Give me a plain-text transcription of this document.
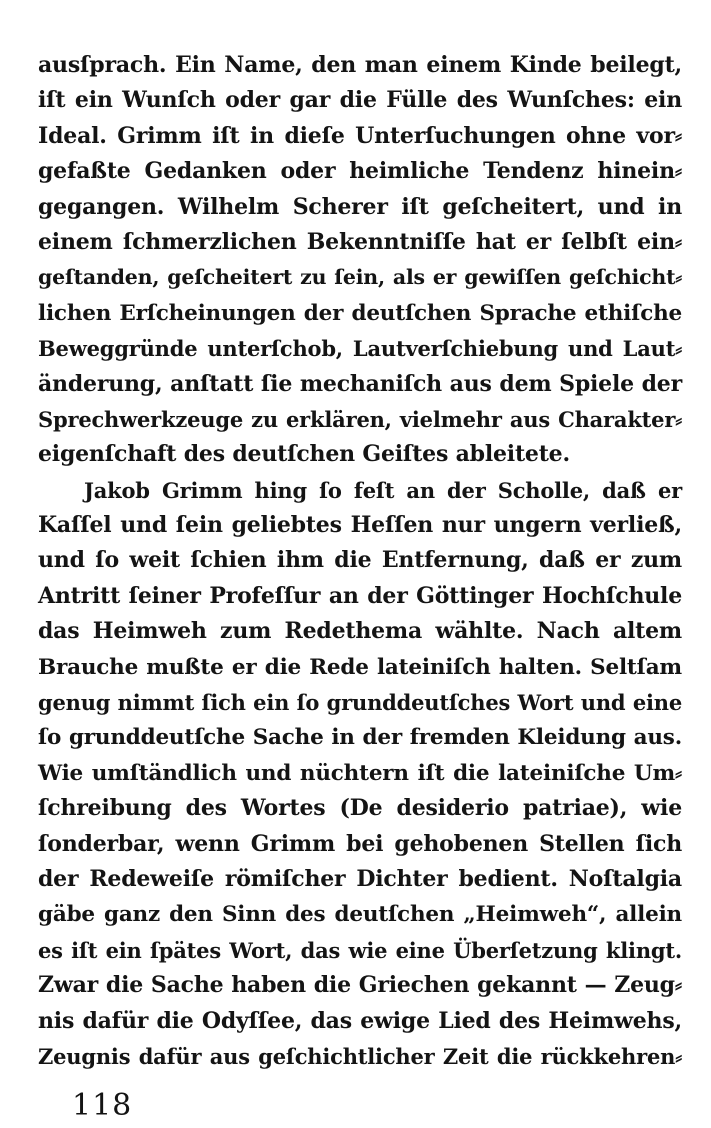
ausſprach. Ein Name, den man einem Kinde beilegt,
iſt ein Wunſch oder gar die Fülle des Wunſches: ein
Ideal. Grimm iſt in dieſe Unterſuchungen ohne vor⸗
gefaßte Gedanken oder heimliche Tendenz hinein⸗
gegangen. Wilhelm Scherer iſt geſcheitert, und in
einem ſchmerzlichen Bekenntniſſe hat er ſelbſt ein⸗
geſtanden, geſcheitert zu ſein, als er gewiſſen geſchicht⸗
lichen Erſcheinungen der deutſchen Sprache ethiſche
Beweggründe unterſchob, Lautverſchiebung und Laut⸗
änderung, anſtatt ſie mechaniſch aus dem Spiele der
Sprechwerkzeuge zu erklären, vielmehr aus Charakter⸗
eigenſchaft des deutſchen Geiſtes ableitete.
Jakob Grimm hing ſo feſt an der Scholle, daß er
Kaſſel und ſein geliebtes Heſſen nur ungern verließ,
und ſo weit ſchien ihm die Entfernung, daß er zum
Antritt ſeiner Profeſſur an der Göttinger Hochſchule
das Heimweh zum Redethema wählte. Nach altem
Brauche mußte er die Rede lateiniſch halten. Seltſam
genug nimmt ſich ein ſo grunddeutſches Wort und eine
ſo grunddeutſche Sache in der fremden Kleidung aus.
Wie umſtändlich und nüchtern iſt die lateiniſche Um⸗
ſchreibung des Wortes (De desiderio patriae), wie
ſonderbar, wenn Grimm bei gehobenen Stellen ſich
der Redeweiſe römiſcher Dichter bedient. Noſtalgia
gäbe ganz den Sinn des deutſchen „Heimweh“, allein
es iſt ein ſpätes Wort, das wie eine Überſetzung klingt.
Zwar die Sache haben die Griechen gekannt — Zeug⸗
nis dafür die Odyſſee, das ewige Lied des Heimwehs,
Zeugnis dafür aus geſchichtlicher Zeit die rückkehren⸗
118
